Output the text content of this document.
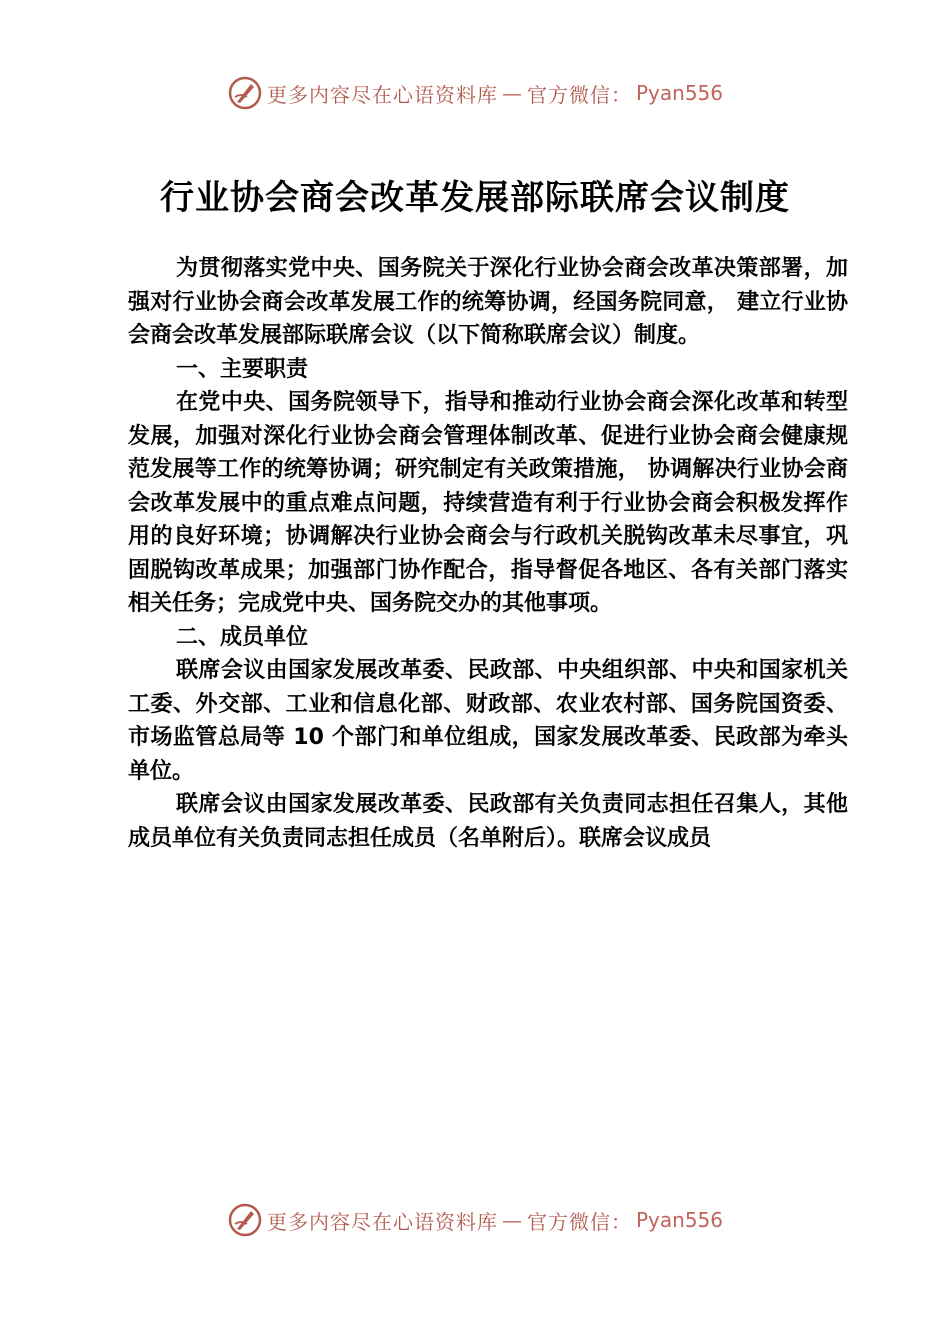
更多内容尽在心语资料库 — 官方微信： Pyan556
行业协会商会改革发展部际联席会议制度

为贯彻落实党中央、国务院关于深化行业协会商会改革决策部署，加强对行业协会商会改革发展工作的统筹协调，经国务院同意， 建立行业协会商会改革发展部际联席会议（以下简称联席会议）制度。

一、主要职责

在党中央、国务院领导下，指导和推动行业协会商会深化改革和转型发展，加强对深化行业协会商会管理体制改革、促进行业协会商会健康规范发展等工作的统筹协调；研究制定有关政策措施， 协调解决行业协会商会改革发展中的重点难点问题，持续营造有利于行业协会商会积极发挥作用的良好环境；协调解决行业协会商会与行政机关脱钩改革未尽事宜，巩固脱钩改革成果；加强部门协作配合，指导督促各地区、各有关部门落实相关任务；完成党中央、国务院交办的其他事项。

二、成员单位

联席会议由国家发展改革委、民政部、中央组织部、中央和国家机关工委、外交部、工业和信息化部、财政部、农业农村部、国务院国资委、市场监管总局等 10 个部门和单位组成，国家发展改革委、民政部为牵头单位。

联席会议由国家发展改革委、民政部有关负责同志担任召集人，其他成员单位有关负责同志担任成员（名单附后）。联席会议成员

更多内容尽在心语资料库 — 官方微信： Pyan556
